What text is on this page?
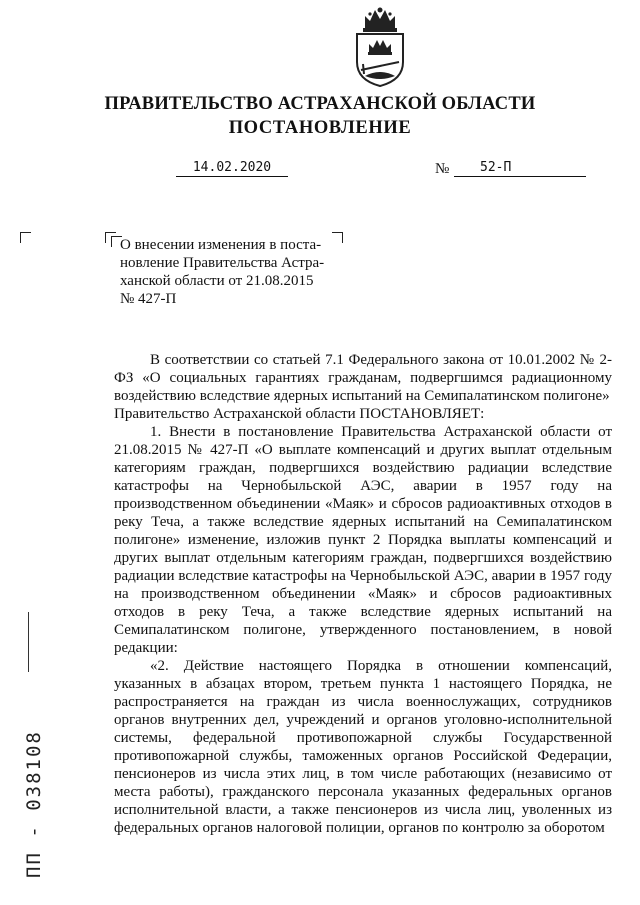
ПРАВИТЕЛЬСТВО АСТРАХАНСКОЙ ОБЛАСТИ
ПОСТАНОВЛЕНИЕ
14.02.2020	№	52-П
О внесении изменения в поста-
новление Правительства Астра-
ханской области от 21.08.2015
№ 427-П

В соответствии со статьей 7.1 Федерального закона от 10.01.2002 № 2-ФЗ «О социальных гарантиях гражданам, подвергшимся радиационному воздействию вследствие ядерных испытаний на Семипалатинском полигоне»

Правительство Астраханской области ПОСТАНОВЛЯЕТ:

1. Внести в постановление Правительства Астраханской области от 21.08.2015 № 427-П «О выплате компенсаций и других выплат отдельным категориям граждан, подвергшихся воздействию радиации вследствие катастрофы на Чернобыльской АЭС, аварии в 1957 году на производственном объединении «Маяк» и сбросов радиоактивных отходов в реку Теча, а также вследствие ядерных испытаний на Семипалатинском полигоне» изменение, изложив пункт 2 Порядка выплаты компенсаций и других выплат отдельным категориям граждан, подвергшихся воздействию радиации вследствие катастрофы на Чернобыльской АЭС, аварии в 1957 году на производственном объединении «Маяк» и сбросов радиоактивных отходов в реку Теча, а также вследствие ядерных испытаний на Семипалатинском полигоне, утвержденного постановлением, в новой редакции:

«2. Действие настоящего Порядка в отношении компенсаций, указанных в абзацах втором, третьем пункта 1 настоящего Порядка, не распространяется на граждан из числа военнослужащих, сотрудников органов внутренних дел, учреждений и органов уголовно-исполнительной системы, федеральной противопожарной службы Государственной противопожарной службы, таможенных органов Российской Федерации, пенсионеров из числа этих лиц, в том числе работающих (независимо от места работы), гражданского персонала указанных федеральных органов исполнительной власти, а также пенсионеров из числа лиц, уволенных из федеральных органов налоговой полиции, органов по контролю за оборотом

ПП - 038108
